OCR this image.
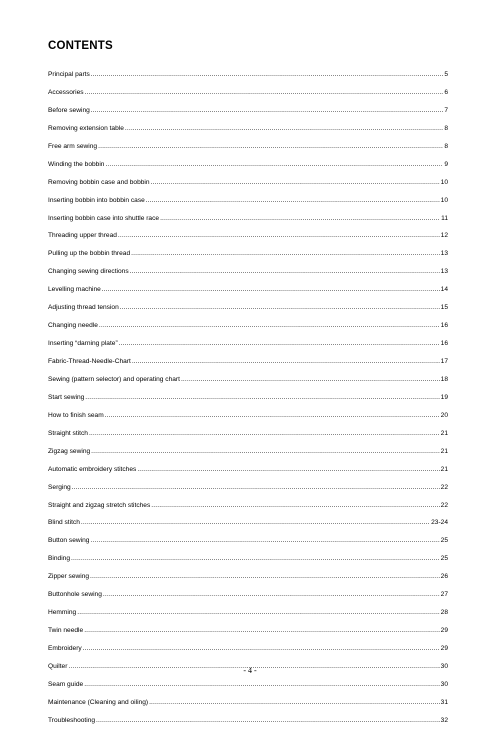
CONTENTS
Principal parts .....	5
Accessories .....	6
Before sewing .....	7
Removing extension table .....	8
Free arm sewing .....	8
Winding the bobbin .....	9
Removing bobbin case and bobbin .....	10
Inserting bobbin into bobbin case .....	10
Inserting bobbin case into shuttle race .....	11
Threading upper thread .....	12
Pulling up the bobbin thread .....	13
Changing sewing directions .....	13
Levelling machine .....	14
Adjusting thread tension .....	15
Changing needle .....	16
Inserting “darning plate” .....	16
Fabric-Thread-Needle-Chart .....	17
Sewing (pattern selector) and operating chart .....	18
Start sewing .....	19
How to finish seam .....	20
Straight stitch .....	21
Zigzag sewing .....	21
Automatic embroidery stitches .....	21
Serging .....	22
Straight and zigzag stretch stitches .....	22
Blind stitch .....	23-24
Button sewing .....	25
Binding .....	25
Zipper sewing .....	26
Buttonhole sewing .....	27
Hemming .....	28
Twin needle .....	29
Embroidery .....	29
Quilter .....	30
Seam guide .....	30
Maintenance (Cleaning and oiling) .....	31
Troubleshooting .....	32
- 4 -
